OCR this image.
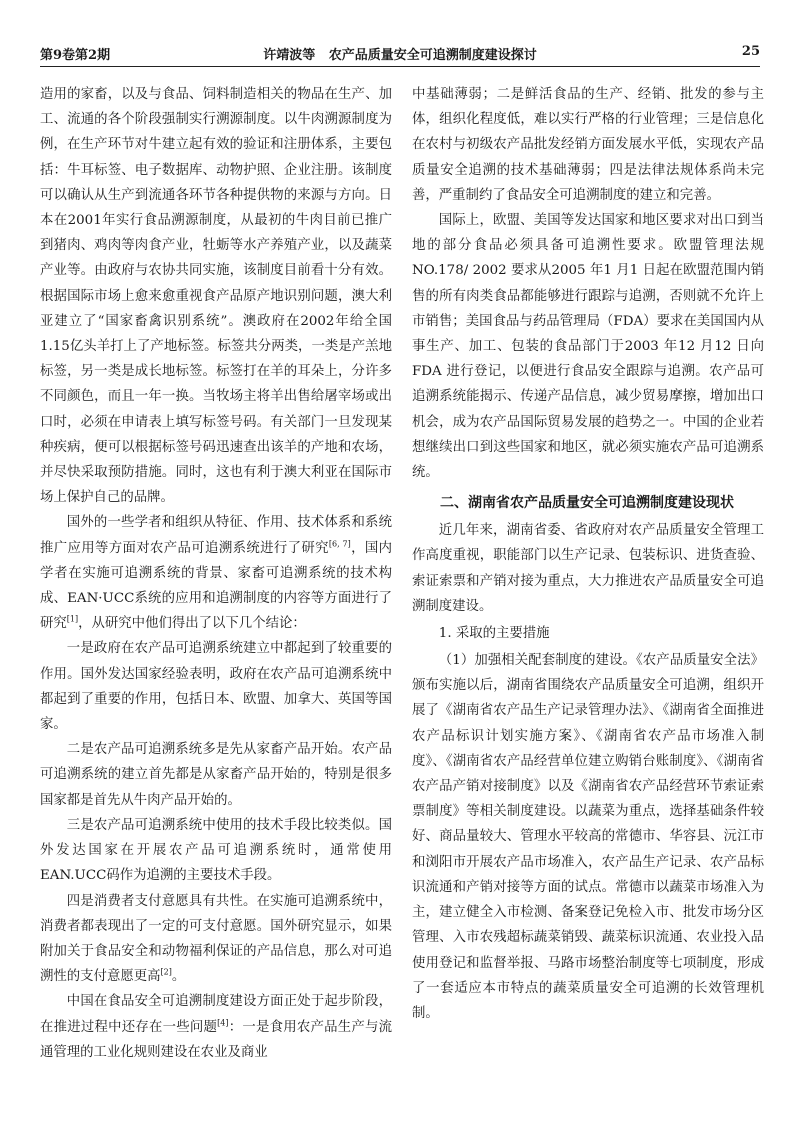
第9卷第2期	许靖波等 农产品质量安全可追溯制度建设探讨	25

造用的家畜，以及与食品、饲料制造相关的物品在生产、加工、流通的各个阶段强制实行溯源制度。以牛肉溯源制度为例，在生产环节对牛建立起有效的验证和注册体系，主要包括：牛耳标签、电子数据库、动物护照、企业注册。该制度可以确认从生产到流通各环节各种提供物的来源与方向。日本在2001年实行食品溯源制度，从最初的牛肉目前已推广到猪肉、鸡肉等肉食产业，牡蛎等水产养殖产业，以及蔬菜产业等。由政府与农协共同实施，该制度目前看十分有效。根据国际市场上愈来愈重视食产品原产地识别问题，澳大利亚建立了“国家畜禽识别系统”。澳政府在2002年给全国1.15亿头羊打上了产地标签。标签共分两类，一类是产羔地标签，另一类是成长地标签。标签打在羊的耳朵上，分许多不同颜色，而且一年一换。当牧场主将羊出售给屠宰场或出口时，必须在申请表上填写标签号码。有关部门一旦发现某种疾病，便可以根据标签号码迅速查出该羊的产地和农场，并尽快采取预防措施。同时，这也有利于澳大利亚在国际市场上保护自己的品牌。

国外的一些学者和组织从特征、作用、技术体系和系统推广应用等方面对农产品可追溯系统进行了研究[6, 7]，国内学者在实施可追溯系统的背景、家畜可追溯系统的技术构成、EAN·UCC系统的应用和追溯制度的内容等方面进行了研究[1]，从研究中他们得出了以下几个结论：

一是政府在农产品可追溯系统建立中都起到了较重要的作用。国外发达国家经验表明，政府在农产品可追溯系统中都起到了重要的作用，包括日本、欧盟、加拿大、英国等国家。

二是农产品可追溯系统多是先从家畜产品开始。农产品可追溯系统的建立首先都是从家畜产品开始的，特别是很多国家都是首先从牛肉产品开始的。

三是农产品可追溯系统中使用的技术手段比较类似。国外发达国家在开展农产品可追溯系统时，通常使用EAN.UCC码作为追溯的主要技术手段。

四是消费者支付意愿具有共性。在实施可追溯系统中，消费者都表现出了一定的可支付意愿。国外研究显示，如果附加关于食品安全和动物福利保证的产品信息，那么对可追溯性的支付意愿更高[2]。

中国在食品安全可追溯制度建设方面正处于起步阶段，在推进过程中还存在一些问题[4]：一是食用农产品生产与流通管理的工业化规则建设在农业及商业

中基础薄弱；二是鲜活食品的生产、经销、批发的参与主体，组织化程度低，难以实行严格的行业管理；三是信息化在农村与初级农产品批发经销方面发展水平低，实现农产品质量安全追溯的技术基础薄弱；四是法律法规体系尚未完善，严重制约了食品安全可追溯制度的建立和完善。

国际上，欧盟、美国等发达国家和地区要求对出口到当地的部分食品必须具备可追溯性要求。欧盟管理法规NO.178/ 2002 要求从2005 年1 月1 日起在欧盟范围内销售的所有肉类食品都能够进行跟踪与追溯，否则就不允许上市销售；美国食品与药品管理局（FDA）要求在美国国内从事生产、加工、包装的食品部门于2003 年12 月12 日向FDA 进行登记，以便进行食品安全跟踪与追溯。农产品可追溯系统能揭示、传递产品信息，减少贸易摩擦，增加出口机会，成为农产品国际贸易发展的趋势之一。中国的企业若想继续出口到这些国家和地区，就必须实施农产品可追溯系统。

二、湖南省农产品质量安全可追溯制度建设现状

近几年来，湖南省委、省政府对农产品质量安全管理工作高度重视，职能部门以生产记录、包装标识、进货查验、索证索票和产销对接为重点，大力推进农产品质量安全可追溯制度建设。

1. 采取的主要措施

（1）加强相关配套制度的建设。《农产品质量安全法》颁布实施以后，湖南省围绕农产品质量安全可追溯，组织开展了《湖南省农产品生产记录管理办法》、《湖南省全面推进农产品标识计划实施方案》、《湖南省农产品市场准入制度》、《湖南省农产品经营单位建立购销台账制度》、《湖南省农产品产销对接制度》以及《湖南省农产品经营环节索证索票制度》等相关制度建设。以蔬菜为重点，选择基础条件较好、商品量较大、管理水平较高的常德市、华容县、沅江市和浏阳市开展农产品市场准入，农产品生产记录、农产品标识流通和产销对接等方面的试点。常德市以蔬菜市场准入为主，建立健全入市检测、备案登记免检入市、批发市场分区管理、入市农残超标蔬菜销毁、蔬菜标识流通、农业投入品使用登记和监督举报、马路市场整治制度等七项制度，形成了一套适应本市特点的蔬菜质量安全可追溯的长效管理机制。
